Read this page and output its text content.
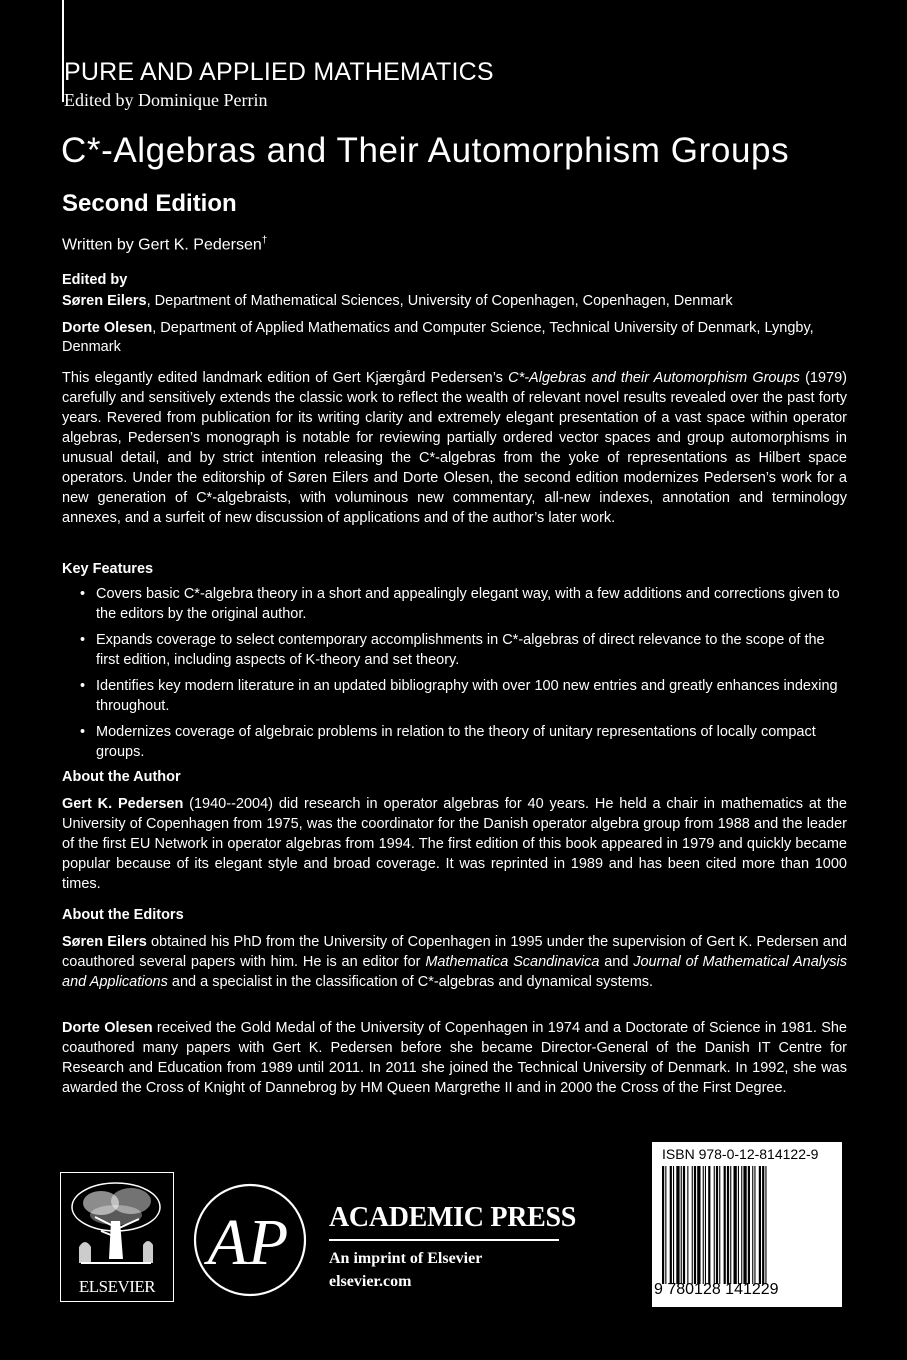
PURE AND APPLIED MATHEMATICS
Edited by Dominique Perrin
C*-Algebras and Their Automorphism Groups
Second Edition
Written by Gert K. Pedersen†
Edited by
Søren Eilers, Department of Mathematical Sciences, University of Copenhagen, Copenhagen, Denmark
Dorte Olesen, Department of Applied Mathematics and Computer Science, Technical University of Denmark, Lyngby, Denmark
This elegantly edited landmark edition of Gert Kjærgård Pedersen’s C*-Algebras and their Automorphism Groups (1979) carefully and sensitively extends the classic work to reflect the wealth of relevant novel results revealed over the past forty years. Revered from publication for its writing clarity and extremely elegant presentation of a vast space within operator algebras, Pedersen’s monograph is notable for reviewing partially ordered vector spaces and group automorphisms in unusual detail, and by strict intention releasing the C*-algebras from the yoke of representations as Hilbert space operators. Under the editorship of Søren Eilers and Dorte Olesen, the second edition modernizes Pedersen’s work for a new generation of C*-algebraists, with voluminous new commentary, all-new indexes, annotation and terminology annexes, and a surfeit of new discussion of applications and of the author’s later work.
Key Features
• Covers basic C*-algebra theory in a short and appealingly elegant way, with a few additions and corrections given to the editors by the original author.
• Expands coverage to select contemporary accomplishments in C*-algebras of direct relevance to the scope of the first edition, including aspects of K-theory and set theory.
• Identifies key modern literature in an updated bibliography with over 100 new entries and greatly enhances indexing throughout.
• Modernizes coverage of algebraic problems in relation to the theory of unitary representations of locally compact groups.
About the Author
Gert K. Pedersen (1940--2004) did research in operator algebras for 40 years. He held a chair in mathematics at the University of Copenhagen from 1975, was the coordinator for the Danish operator algebra group from 1988 and the leader of the first EU Network in operator algebras from 1994. The first edition of this book appeared in 1979 and quickly became popular because of its elegant style and broad coverage. It was reprinted in 1989 and has been cited more than 1000 times.
About the Editors
Søren Eilers obtained his PhD from the University of Copenhagen in 1995 under the supervision of Gert K. Pedersen and coauthored several papers with him. He is an editor for Mathematica Scandinavica and Journal of Mathematical Analysis and Applications and a specialist in the classification of C*-algebras and dynamical systems.
Dorte Olesen received the Gold Medal of the University of Copenhagen in 1974 and a Doctorate of Science in 1981. She coauthored many papers with Gert K. Pedersen before she became Director-General of the Danish IT Centre for Research and Education from 1989 until 2011. In 2011 she joined the Technical University of Denmark. In 1992, she was awarded the Cross of Knight of Dannebrog by HM Queen Margrethe II and in 2000 the Cross of the First Degree.
ELSEVIER
AP ACADEMIC PRESS
An imprint of Elsevier
elsevier.com
ISBN 978-0-12-814122-9
9 780128 141229
